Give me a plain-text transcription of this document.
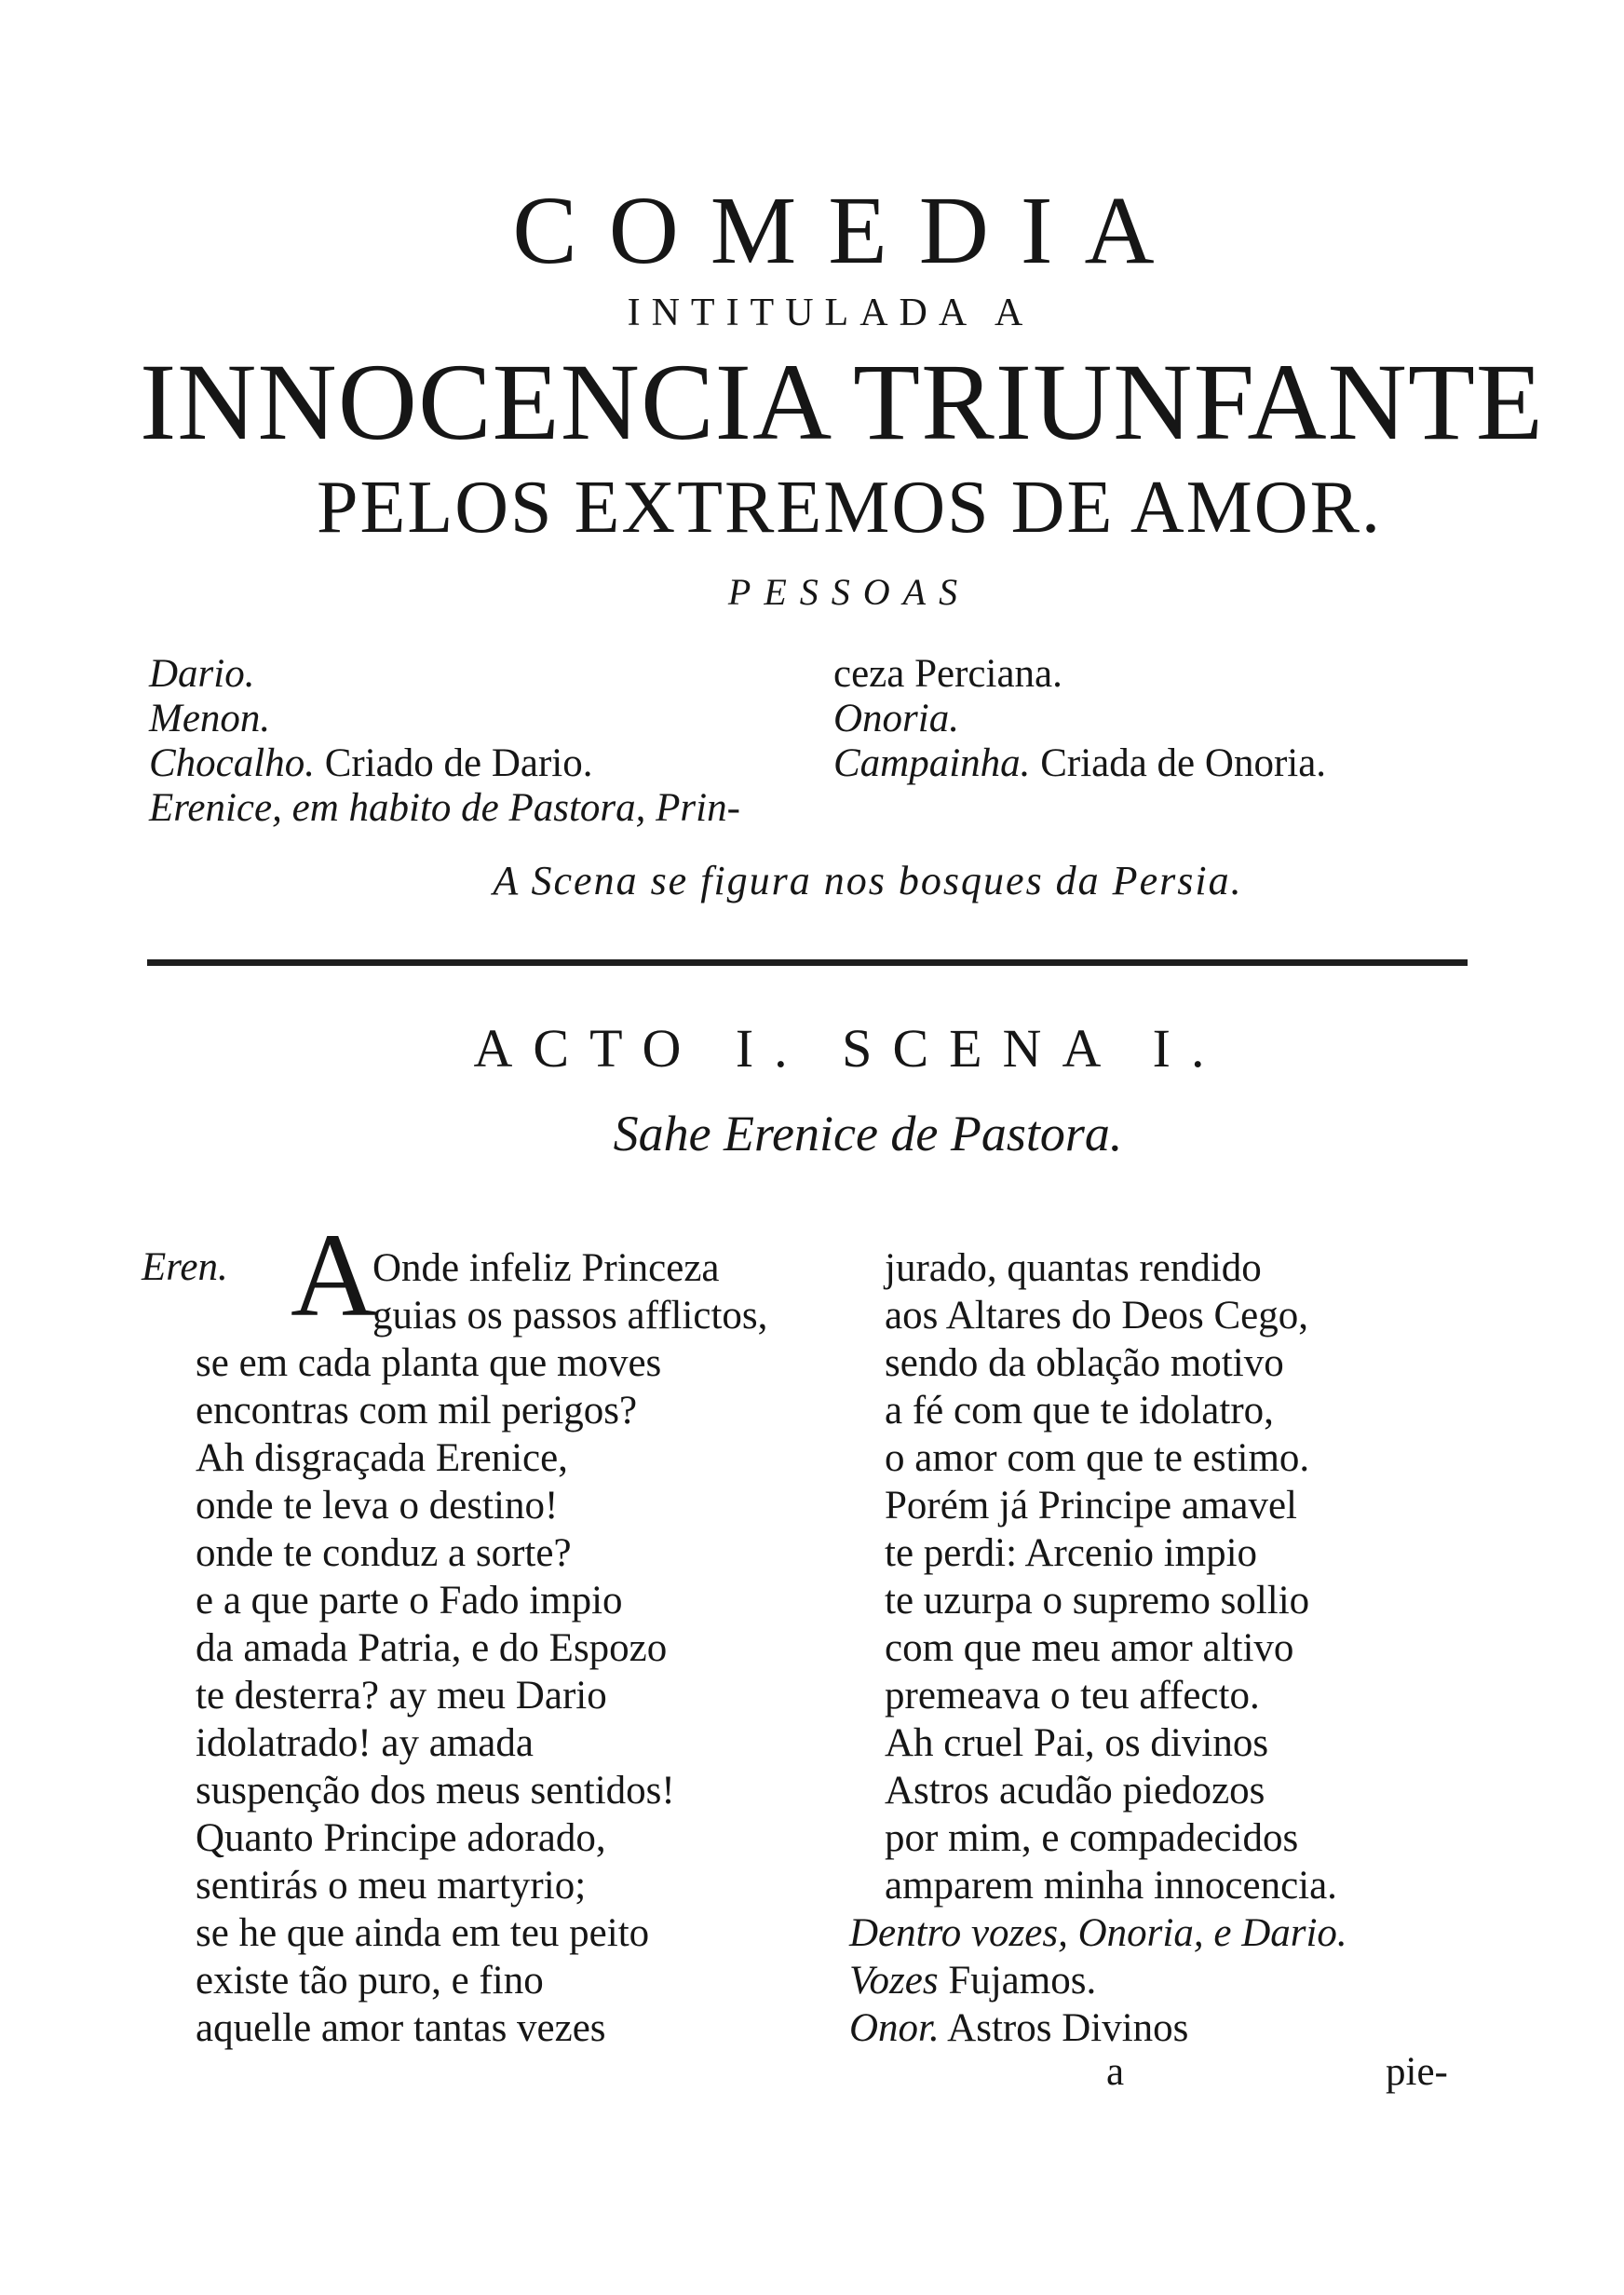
COMEDIA
INTITULADA A
INNOCENCIA TRIUNFANTE
PELOS EXTREMOS DE AMOR.
PESSOAS
Dario.
Menon.
Chocalho. Criado de Dario.
Erenice, em habito de Pastora, Prin-
ceza Perciana.
Onoria.
Campainha. Criada de Onoria.
A Scena se figura nos bosques da Persia.
ACTO I. SCENA I.
Sahe Erenice de Pastora.
Eren. A
Onde infeliz Princeza
guias os passos afflictos,
se em cada planta que moves
encontras com mil perigos?
Ah disgraçada Erenice,
onde te leva o destino!
onde te conduz a sorte?
e a que parte o Fado impio
da amada Patria, e do Espozo
te desterra? ay meu Dario
idolatrado! ay amada
suspenção dos meus sentidos!
Quanto Principe adorado,
sentirás o meu martyrio;
se he que ainda em teu peito
existe tão puro, e fino
aquelle amor tantas vezes
jurado, quantas rendido
aos Altares do Deos Cego,
sendo da oblação motivo
a fé com que te idolatro,
o amor com que te estimo.
Porém já Principe amavel
te perdi: Arcenio impio
te uzurpa o supremo sollio
com que meu amor altivo
premeava o teu affecto.
Ah cruel Pai, os divinos
Astros acudão piedozos
por mim, e compadecidos
amparem minha innocencia.
Dentro vozes, Onoria, e Dario.
Vozes Fujamos.
Onor. Astros Divinos
a	pie-
